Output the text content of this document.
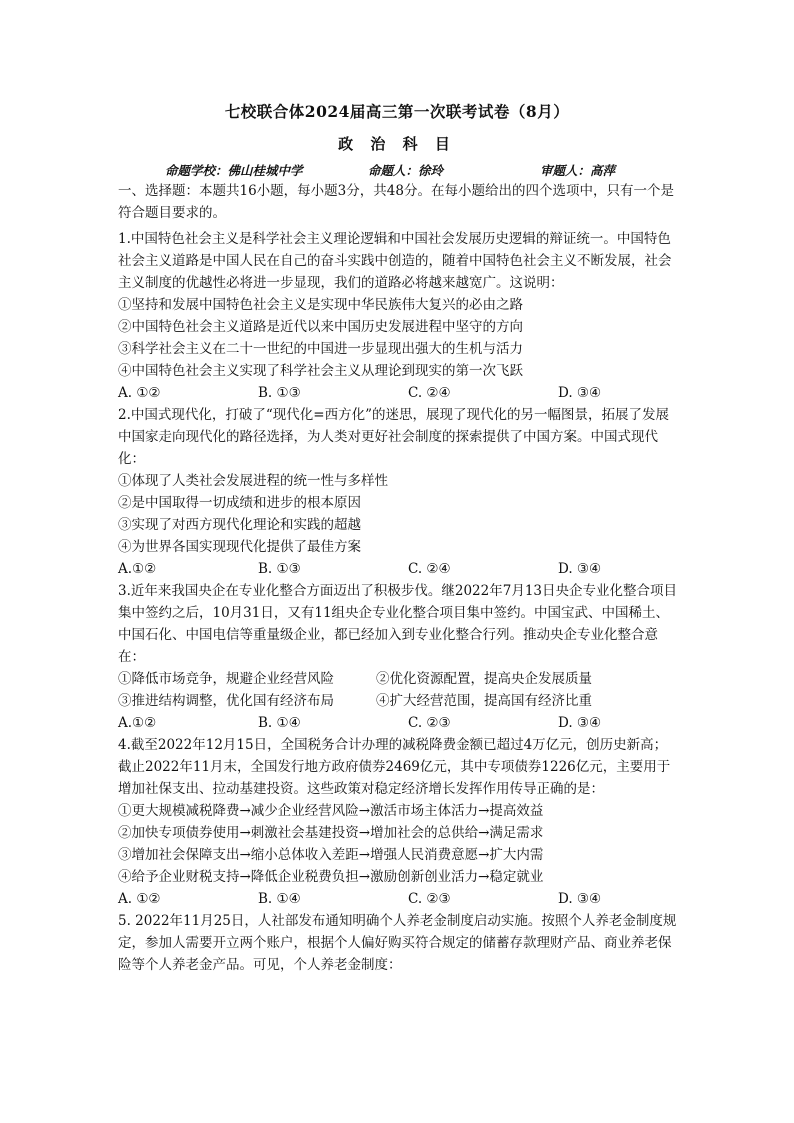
七校联合体2024届高三第一次联考试卷（8月）
政 治 科 目
命题学校：佛山桂城中学	命题人：徐玲	审题人：高萍

一、选择题：本题共16小题，每小题3分，共48分。在每小题给出的四个选项中，只有一个是符合题目要求的。

1.中国特色社会主义是科学社会主义理论逻辑和中国社会发展历史逻辑的辩证统一。中国特色社会主义道路是中国人民在自己的奋斗实践中创造的，随着中国特色社会主义不断发展，社会主义制度的优越性必将进一步显现，我们的道路必将越来越宽广。这说明：

①坚持和发展中国特色社会主义是实现中华民族伟大复兴的必由之路

②中国特色社会主义道路是近代以来中国历史发展进程中坚守的方向

③科学社会主义在二十一世纪的中国进一步显现出强大的生机与活力

④中国特色社会主义实现了科学社会主义从理论到现实的第一次飞跃

A. ①②	B. ①③	C. ②④	D. ③④

2.中国式现代化，打破了“现代化=西方化”的迷思，展现了现代化的另一幅图景，拓展了发展中国家走向现代化的路径选择，为人类对更好社会制度的探索提供了中国方案。中国式现代化：

①体现了人类社会发展进程的统一性与多样性

②是中国取得一切成绩和进步的根本原因

③实现了对西方现代化理论和实践的超越

④为世界各国实现现代化提供了最佳方案

A.①②	B. ①③	C. ②④	D. ③④

3.近年来我国央企在专业化整合方面迈出了积极步伐。继2022年7月13日央企专业化整合项目集中签约之后，10月31日，又有11组央企专业化整合项目集中签约。中国宝武、中国稀土、中国石化、中国电信等重量级企业，都已经加入到专业化整合行列。推动央企专业化整合意在：

①降低市场竞争，规避企业经营风险	②优化资源配置，提高央企发展质量
③推进结构调整，优化国有经济布局	④扩大经营范围，提高国有经济比重
A.①②	B. ①④	C. ②③	D. ③④

4.截至2022年12月15日，全国税务合计办理的减税降费金额已超过4万亿元，创历史新高；截止2022年11月末，全国发行地方政府债券2469亿元，其中专项债券1226亿元，主要用于增加社保支出、拉动基建投资。这些政策对稳定经济增长发挥作用传导正确的是：

①更大规模减税降费→减少企业经营风险→激活市场主体活力→提高效益

②加快专项债券使用→刺激社会基建投资→增加社会的总供给→满足需求

③增加社会保障支出→缩小总体收入差距→增强人民消费意愿→扩大内需

④给予企业财税支持→降低企业税费负担→激励创新创业活力→稳定就业

A. ①②	B. ①④	C. ②③	D. ③④

5. 2022年11月25日，人社部发布通知明确个人养老金制度启动实施。按照个人养老金制度规定，参加人需要开立两个账户，根据个人偏好购买符合规定的储蓄存款理财产品、商业养老保险等个人养老金产品。可见，个人养老金制度：
